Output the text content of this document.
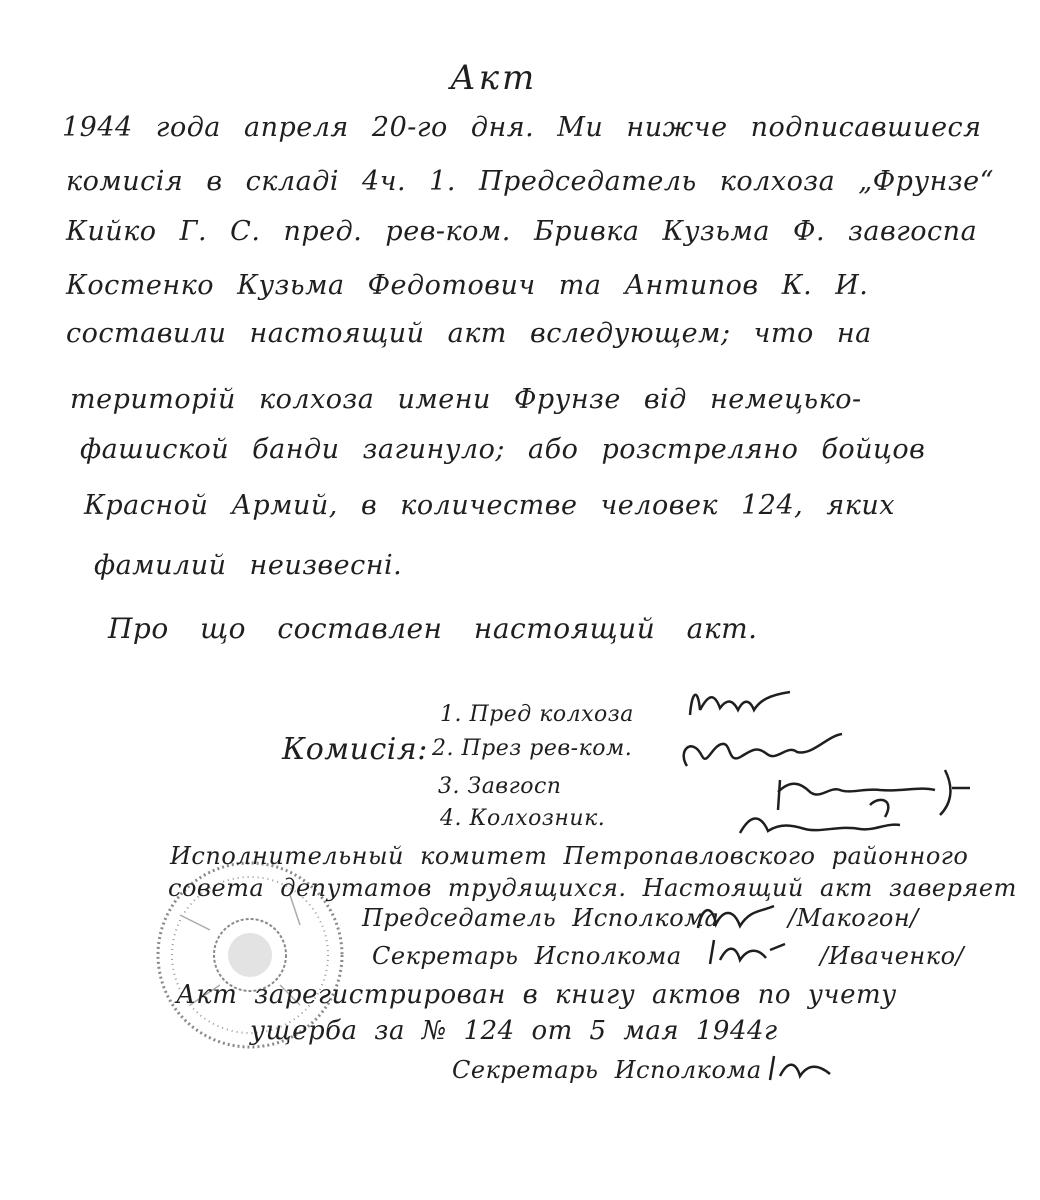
Акт
1944 года апреля 20-го дня. Ми нижче подписавшиеся
комисія в складі 4ч. 1. Председатель колхоза „Фрунзе“
Кийко Г. С. пред. рев-ком. Бривка Кузьма Ф. завгоспа
Костенко Кузьма Федотович та Антипов К. И.
составили настоящий акт вследующем; что на
територій колхоза имени Фрунзе від немецько-
фашиской банди загинуло; або розстреляно бойцов
Красной Армий, в количестве человек 124, яких
фамилий неизвесні.
Про що составлен настоящий акт.
Комисія:
1. Пред колхоза
2. През рев-ком.
3. Завгосп
4. Колхозник.
Исполнительный комитет Петропавловского районного
совета депутатов трудящихся. Настоящий акт заверяет
Председатель Исполкома	/Макогон/
Секретарь Исполкома	/Иваченко/
Акт зарегистрирован в книгу актов по учету
ущерба за № 124 от 5 мая 1944г
Секретарь Исполкома
